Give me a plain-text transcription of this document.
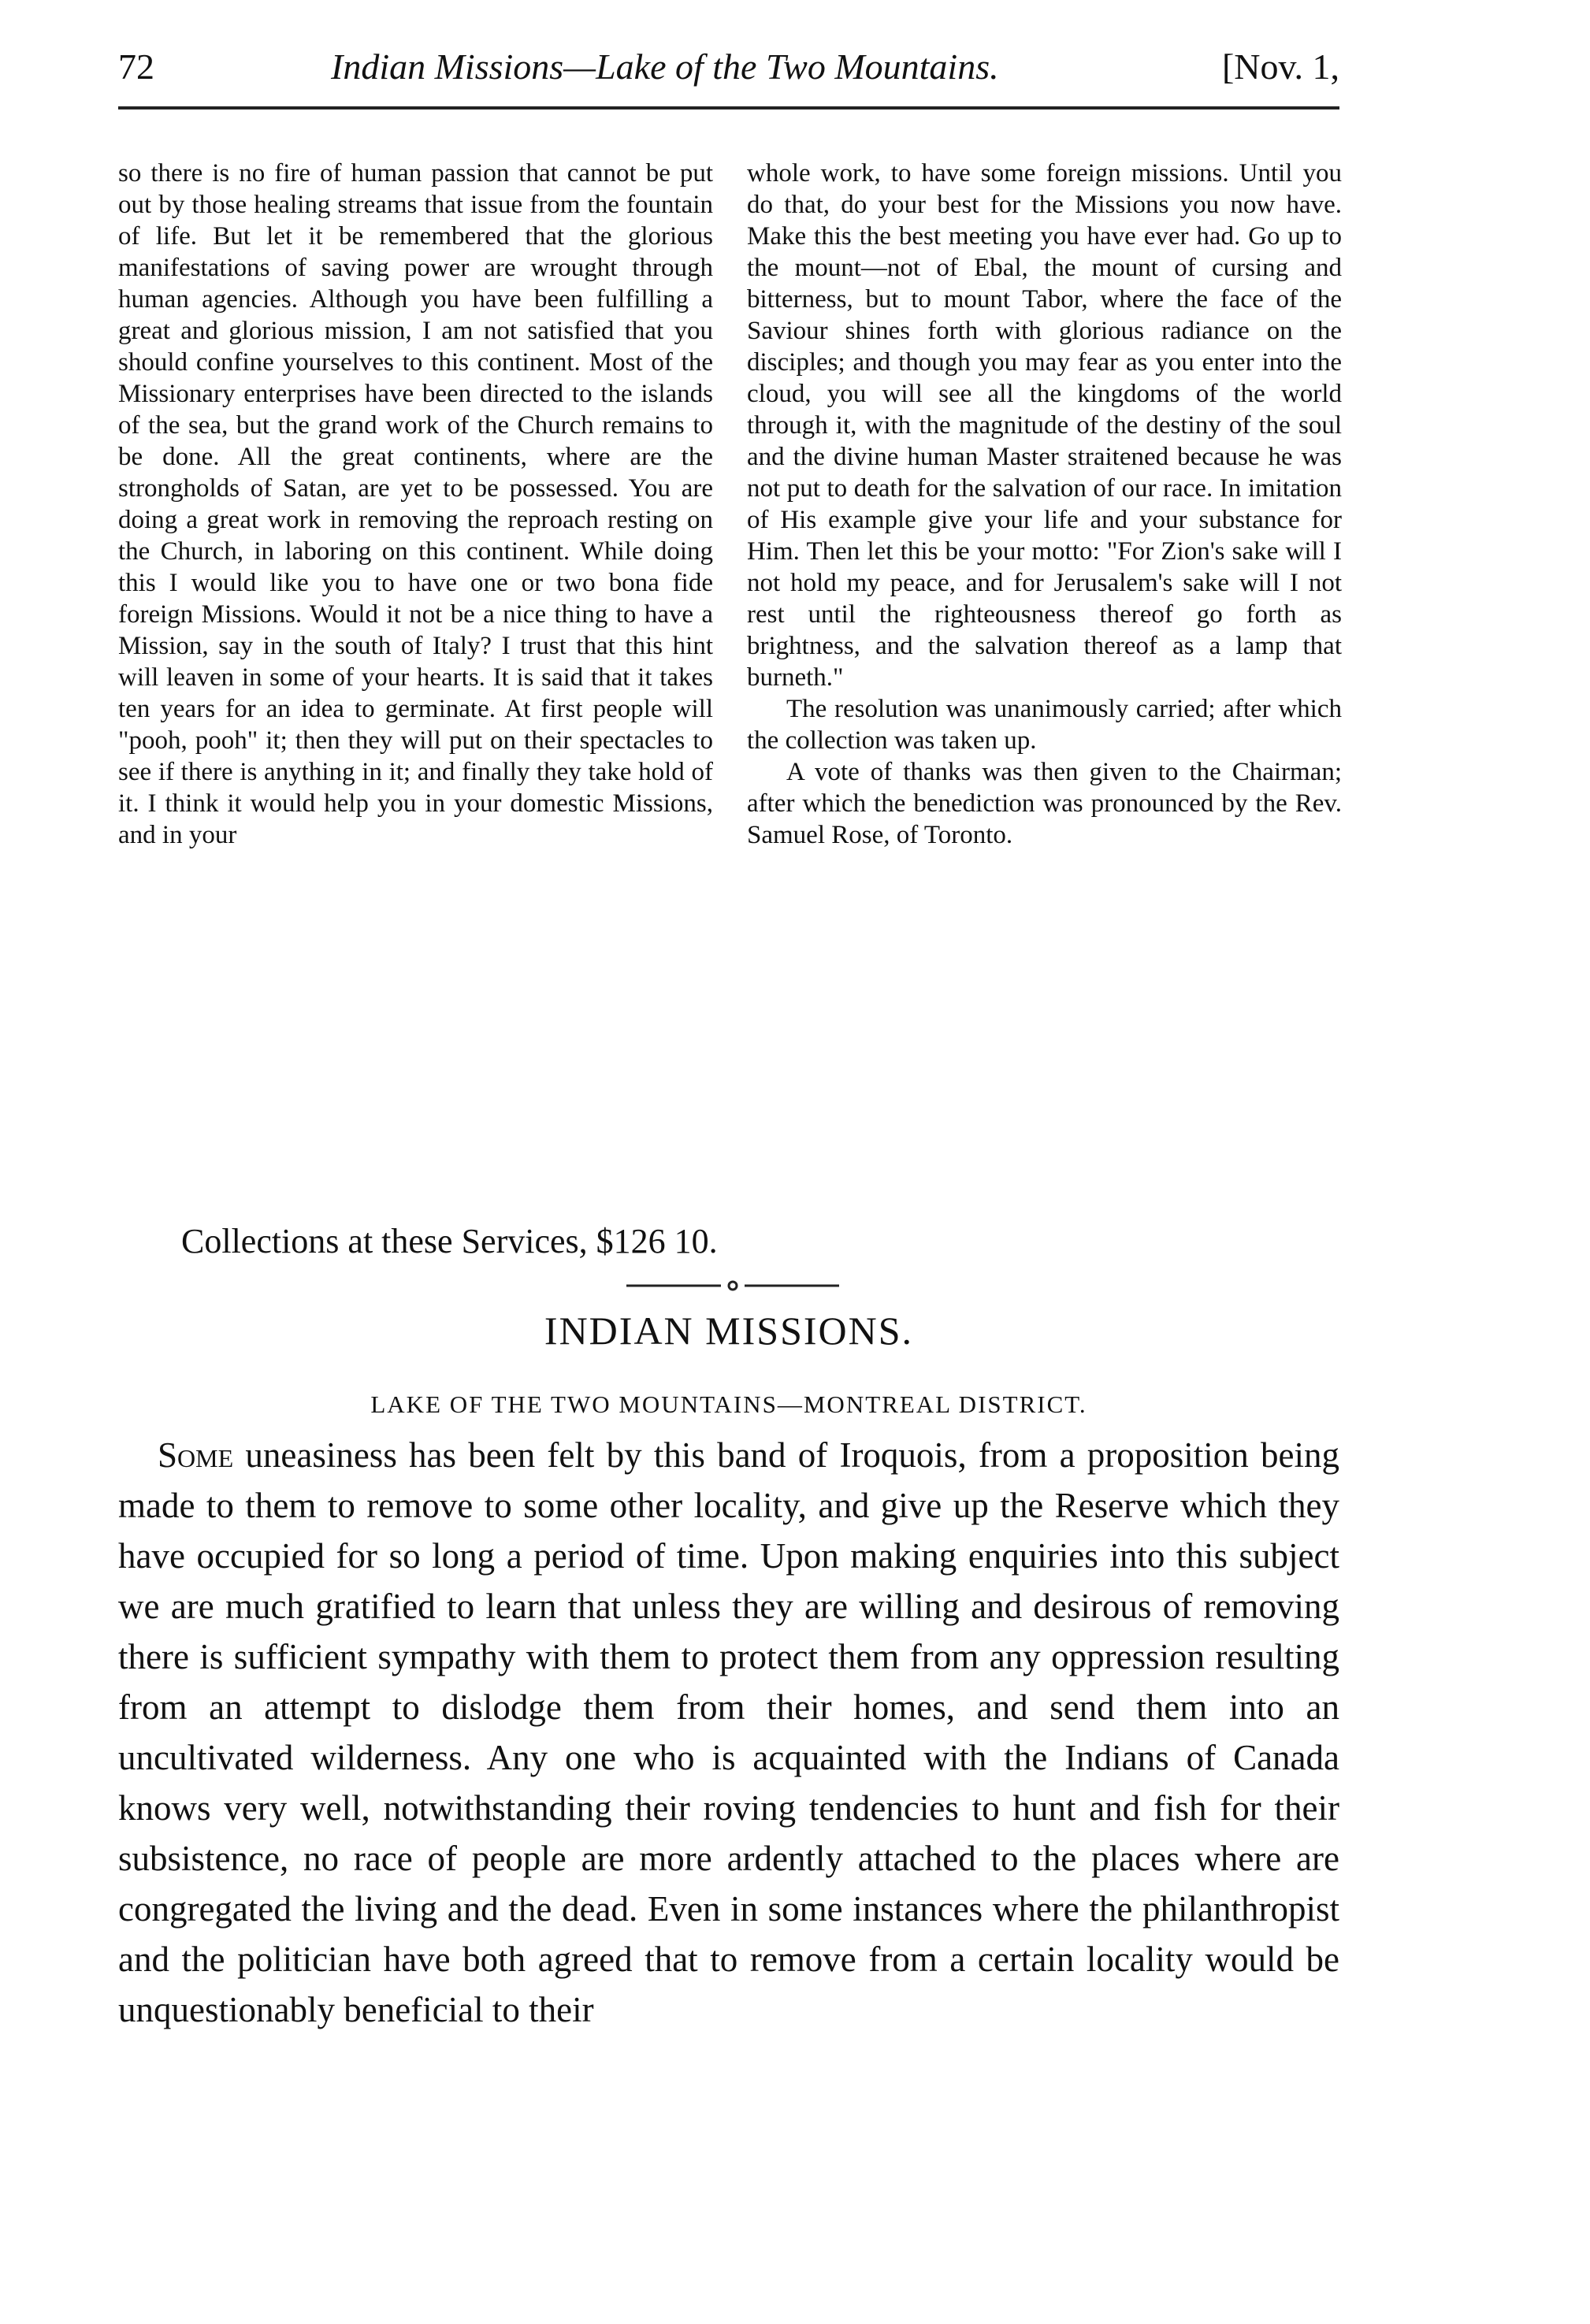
72	Indian Missions—Lake of the Two Mountains.	[Nov. 1,

so there is no fire of human passion that cannot be put out by those healing streams that issue from the fountain of life. But let it be remembered that the glorious manifestations of saving power are wrought through human agencies. Although you have been fulfilling a great and glorious mission, I am not satisfied that you should confine yourselves to this continent. Most of the Missionary enterprises have been directed to the islands of the sea, but the grand work of the Church remains to be done. All the great continents, where are the strongholds of Satan, are yet to be possessed. You are doing a great work in removing the reproach resting on the Church, in laboring on this continent. While doing this I would like you to have one or two bona fide foreign Missions. Would it not be a nice thing to have a Mission, say in the south of Italy? I trust that this hint will leaven in some of your hearts. It is said that it takes ten years for an idea to germinate. At first people will "pooh, pooh" it; then they will put on their spectacles to see if there is anything in it; and finally they take hold of it. I think it would help you in your domestic Missions, and in your

whole work, to have some foreign missions. Until you do that, do your best for the Missions you now have. Make this the best meeting you have ever had. Go up to the mount—not of Ebal, the mount of cursing and bitterness, but to mount Tabor, where the face of the Saviour shines forth with glorious radiance on the disciples; and though you may fear as you enter into the cloud, you will see all the kingdoms of the world through it, with the magnitude of the destiny of the soul and the divine human Master straitened because he was not put to death for the salvation of our race. In imitation of His example give your life and your substance for Him. Then let this be your motto: "For Zion's sake will I not hold my peace, and for Jerusalem's sake will I not rest until the righteousness thereof go forth as brightness, and the salvation thereof as a lamp that burneth."

The resolution was unanimously carried; after which the collection was taken up.

A vote of thanks was then given to the Chairman; after which the benediction was pronounced by the Rev. Samuel Rose, of Toronto.

Collections at these Services, $126 10.
INDIAN MISSIONS.
LAKE OF THE TWO MOUNTAINS—MONTREAL DISTRICT.

Some uneasiness has been felt by this band of Iroquois, from a proposition being made to them to remove to some other locality, and give up the Reserve which they have occupied for so long a period of time. Upon making enquiries into this subject we are much gratified to learn that unless they are willing and desirous of removing there is sufficient sympathy with them to protect them from any oppression resulting from an attempt to dislodge them from their homes, and send them into an uncultivated wilderness. Any one who is acquainted with the Indians of Canada knows very well, notwithstanding their roving tendencies to hunt and fish for their subsistence, no race of people are more ardently attached to the places where are congregated the living and the dead. Even in some instances where the philanthropist and the politician have both agreed that to remove from a certain locality would be unquestionably beneficial to their
